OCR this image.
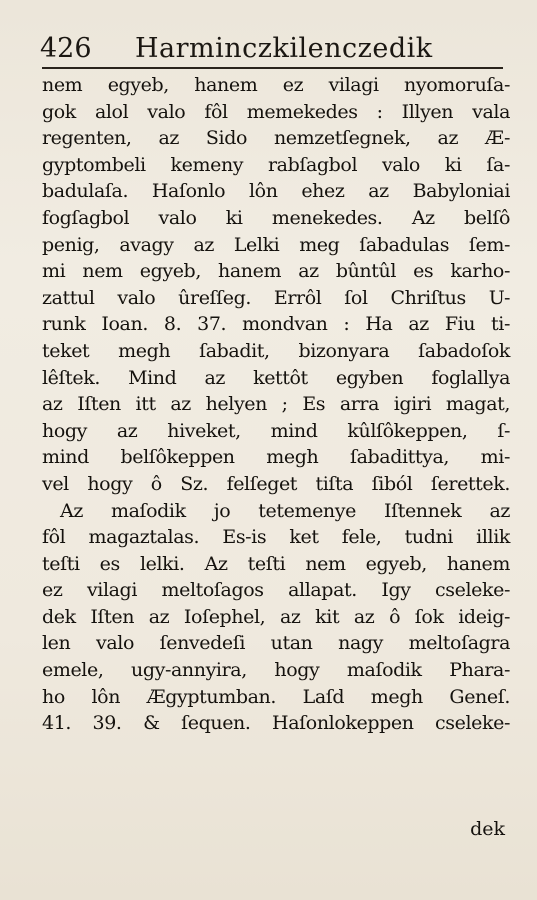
426	Harminczkilenczedik
nem egyeb, hanem ez vilagi nyomoruſa-
gok alol valo fôl memekedes : Illyen vala
regenten, az Sido nemzetſegnek, az Æ-
gyptombeli kemeny rabſagbol valo ki ſa-
badulaſa. Haſonlo lôn ehez az Babyloniai
fogſagbol valo ki menekedes. Az belſô
penig, avagy az Lelki meg ſabadulas ſem-
mi nem egyeb, hanem az bûntûl es karho-
zattul valo ûreſſeg. Errôl ſol Chriſtus U-
runk Ioan. 8. 37. mondvan : Ha az Fiu ti-
teket megh ſabadit, bizonyara ſabadoſok
lêſtek. Mind az kettôt egyben foglallya
az Iſten itt az helyen ; Es arra igiri magat,
hogy az hiveket, mind kûlſôkeppen, ſ-
mind belſôkeppen megh ſabadittya, mi-
vel hogy ô Sz. felſeget tiſta ſiból ſerettek.
Az maſodik jo tetemenye Iſtennek az
fôl magaztalas. Es-is ket fele, tudni illik
teſti es lelki. Az teſti nem egyeb, hanem
ez vilagi meltoſagos allapat. Igy cseleke-
dek Iſten az Ioſephel, az kit az ô ſok ideig-
len valo ſenvedeſi utan nagy meltoſagra
emele, ugy-annyira, hogy maſodik Phara-
ho lôn Ægyptumban. Laſd megh Geneſ.
41. 39. & ſequen. Haſonlokeppen cseleke-
dek
